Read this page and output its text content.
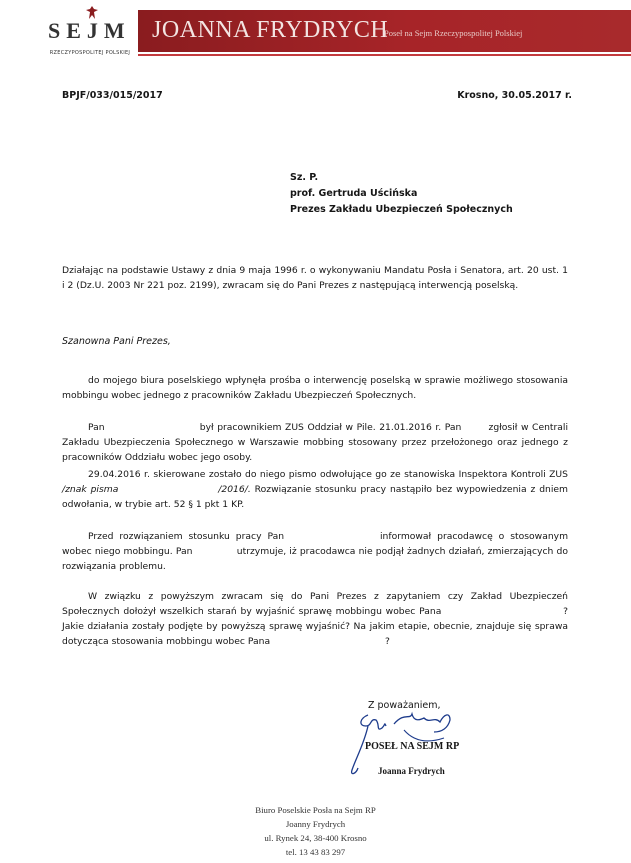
SEJM
RZECZYPOSPOLITEJ POLSKIEJ
JOANNA FRYDRYCH
Poseł na Sejm Rzeczypospolitej Polskiej
BPJF/033/015/2017	Krosno, 30.05.2017 r.
Sz. P.
prof. Gertruda Uścińska
Prezes Zakładu Ubezpieczeń Społecznych
Działając na podstawie Ustawy z dnia 9 maja 1996 r. o wykonywaniu Mandatu Posła i Senatora, art. 20 ust. 1 i 2 (Dz.U. 2003 Nr 221 poz. 2199), zwracam się do Pani Prezes z następującą interwencją poselską.
Szanowna Pani Prezes,
do mojego biura poselskiego wpłynęła prośba o interwencję poselską w sprawie możliwego stosowania mobbingu wobec jednego z pracowników Zakładu Ubezpieczeń Społecznych.
Pan	był pracownikiem ZUS Oddział w Pile. 21.01.2016 r. Pan	zgłosił w Centrali Zakładu Ubezpieczenia Społecznego w Warszawie mobbing stosowany przez przełożonego oraz jednego z pracowników Oddziału wobec jego osoby.
29.04.2016 r. skierowane zostało do niego pismo odwołujące go ze stanowiska Inspektora Kontroli ZUS /znak pisma	/2016/. Rozwiązanie stosunku pracy nastąpiło bez wypowiedzenia z dniem odwołania, w trybie art. 52 § 1 pkt 1 KP.
Przed rozwiązaniem stosunku pracy Pan	informował pracodawcę o stosowanym wobec niego mobbingu. Pan	utrzymuje, iż pracodawca nie podjął żadnych działań, zmierzających do rozwiązania problemu.
W związku z powyższym zwracam się do Pani Prezes z zapytaniem czy Zakład Ubezpieczeń Społecznych dołożył wszelkich starań by wyjaśnić sprawę mobbingu wobec Pana	? Jakie działania zostały podjęte by powyższą sprawę wyjaśnić? Na jakim etapie, obecnie, znajduje się sprawa dotycząca stosowania mobbingu wobec Pana	?
Z poważaniem,
POSEŁ NA SEJM RP
Joanna Frydrych
Biuro Poselskie Posła na Sejm RP
Joanny Frydrych
ul. Rynek 24, 38-400 Krosno
tel. 13 43 83 297
